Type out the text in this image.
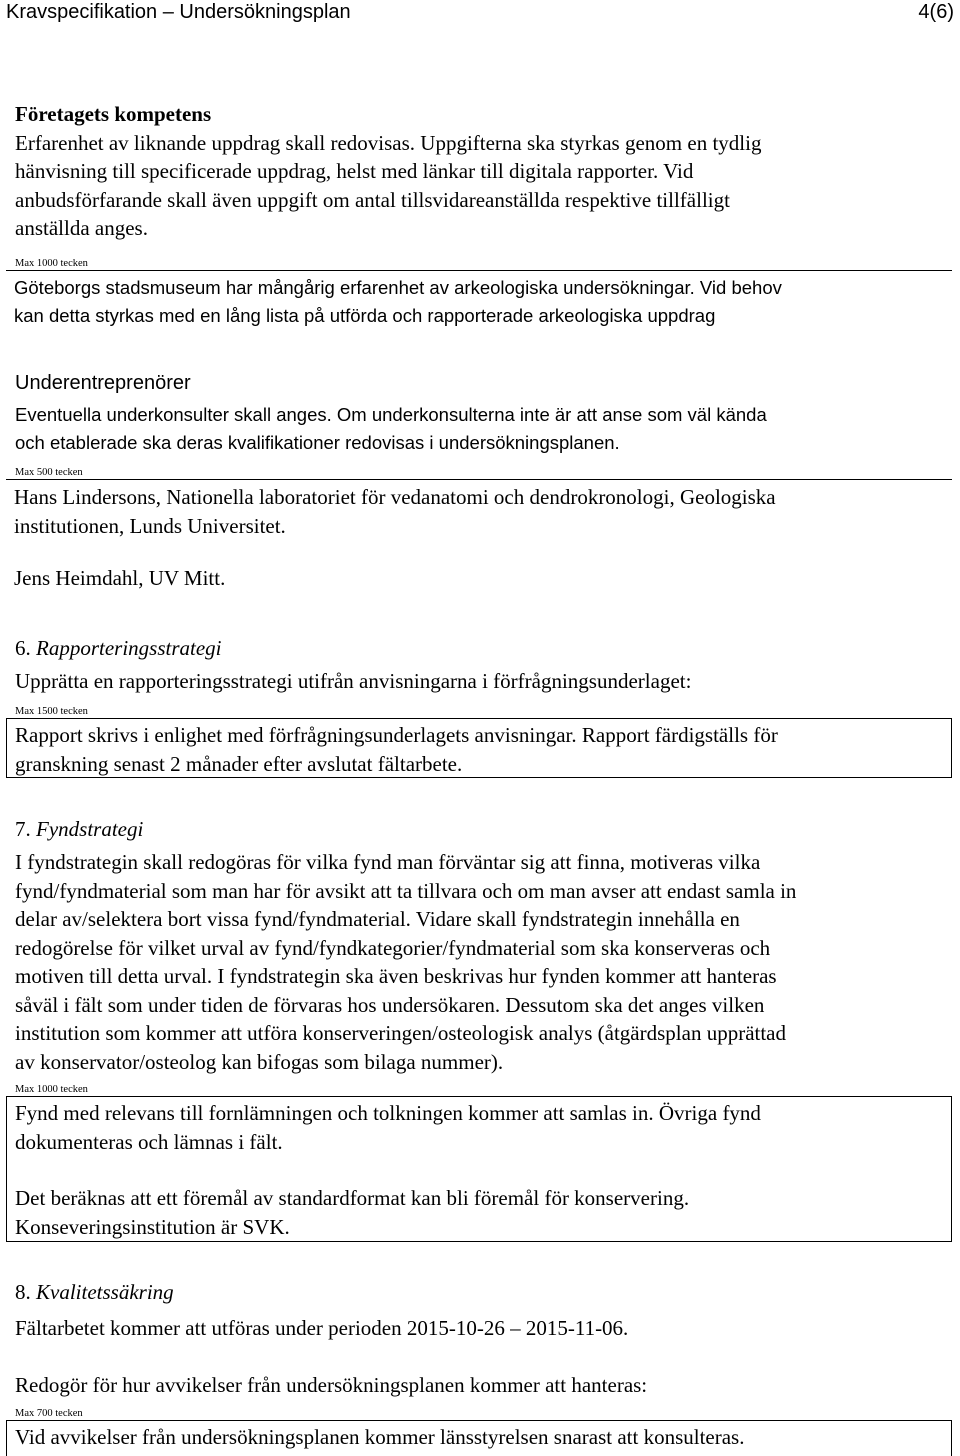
Kravspecifikation – Undersökningsplan	4(6)

Företagets kompetens

Erfarenhet av liknande uppdrag skall redovisas. Uppgifterna ska styrkas genom en tydlig

hänvisning till specificerade uppdrag, helst med länkar till digitala rapporter. Vid

anbudsförfarande skall även uppgift om antal tillsvidareanställda respektive tillfälligt

anställda anges.

Max 1000 tecken

Göteborgs stadsmuseum har mångårig erfarenhet av arkeologiska undersökningar. Vid behov

kan detta styrkas med en lång lista på utförda och rapporterade arkeologiska uppdrag

Underentreprenörer

Eventuella underkonsulter skall anges. Om underkonsulterna inte är att anse som väl kända

och etablerade ska deras kvalifikationer redovisas i undersökningsplanen.

Max 500 tecken

Hans Lindersons, Nationella laboratoriet för vedanatomi och dendrokronologi, Geologiska

institutionen, Lunds Universitet.

Jens Heimdahl, UV Mitt.

6. Rapporteringsstrategi
Upprätta en rapporteringsstrategi utifrån anvisningarna i förfrågningsunderlaget:
Max 1500 tecken

Rapport skrivs i enlighet med förfrågningsunderlagets anvisningar. Rapport färdigställs för

granskning senast 2 månader efter avslutat fältarbete.

7. Fyndstrategi

I fyndstrategin skall redogöras för vilka fynd man förväntar sig att finna, motiveras vilka

fynd/fyndmaterial som man har för avsikt att ta tillvara och om man avser att endast samla in

delar av/selektera bort vissa fynd/fyndmaterial. Vidare skall fyndstrategin innehålla en

redogörelse för vilket urval av fynd/fyndkategorier/fyndmaterial som ska konserveras och

motiven till detta urval. I fyndstrategin ska även beskrivas hur fynden kommer att hanteras

såväl i fält som under tiden de förvaras hos undersökaren. Dessutom ska det anges vilken

institution som kommer att utföra konserveringen/osteologisk analys (åtgärdsplan upprättad

av konservator/osteolog kan bifogas som bilaga nummer).

Max 1000 tecken

Fynd med relevans till fornlämningen och tolkningen kommer att samlas in. Övriga fynd

dokumenteras och lämnas i fält.

Det beräknas att ett föremål av standardformat kan bli föremål för konservering.

Konseveringsinstitution är SVK.

8. Kvalitetssäkring
Fältarbetet kommer att utföras under perioden 2015-10-26 – 2015-11-06.
Redogör för hur avvikelser från undersökningsplanen kommer att hanteras:
Max 700 tecken

Vid avvikelser från undersökningsplanen kommer länsstyrelsen snarast att konsulteras.
